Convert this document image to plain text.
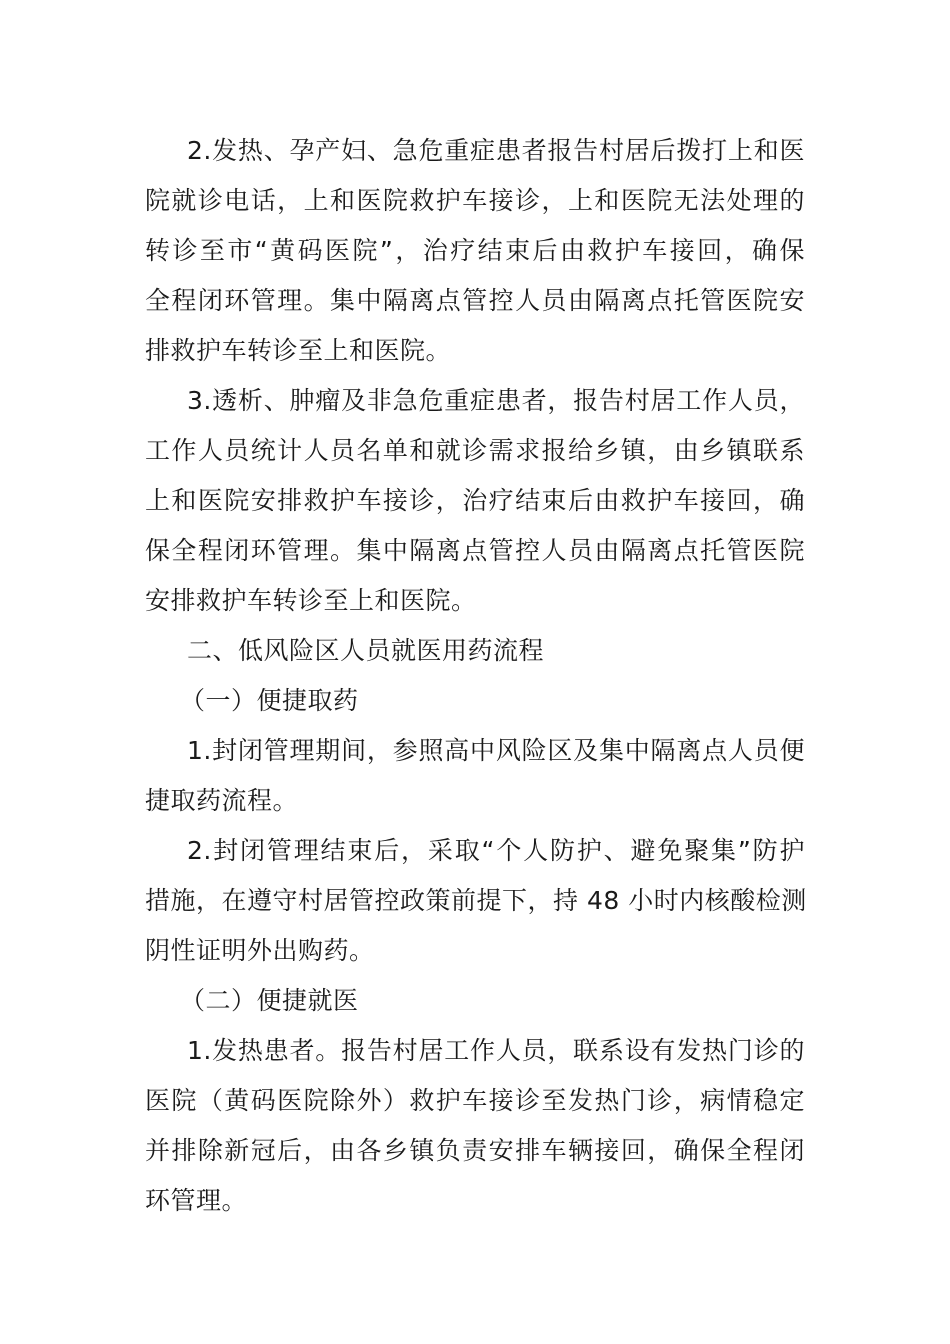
2.发热、孕产妇、急危重症患者报告村居后拨打上和医
院就诊电话，上和医院救护车接诊，上和医院无法处理的
转诊至市“黄码医院”，治疗结束后由救护车接回，确保
全程闭环管理。集中隔离点管控人员由隔离点托管医院安
排救护车转诊至上和医院。
3.透析、肿瘤及非急危重症患者，报告村居工作人员，
工作人员统计人员名单和就诊需求报给乡镇，由乡镇联系
上和医院安排救护车接诊，治疗结束后由救护车接回，确
保全程闭环管理。集中隔离点管控人员由隔离点托管医院
安排救护车转诊至上和医院。
二、低风险区人员就医用药流程
（一）便捷取药
1.封闭管理期间，参照高中风险区及集中隔离点人员便
捷取药流程。
2.封闭管理结束后，采取“个人防护、避免聚集”防护
措施，在遵守村居管控政策前提下，持 48 小时内核酸检测
阴性证明外出购药。
（二）便捷就医
1.发热患者。报告村居工作人员，联系设有发热门诊的
医院（黄码医院除外）救护车接诊至发热门诊，病情稳定
并排除新冠后，由各乡镇负责安排车辆接回，确保全程闭
环管理。
